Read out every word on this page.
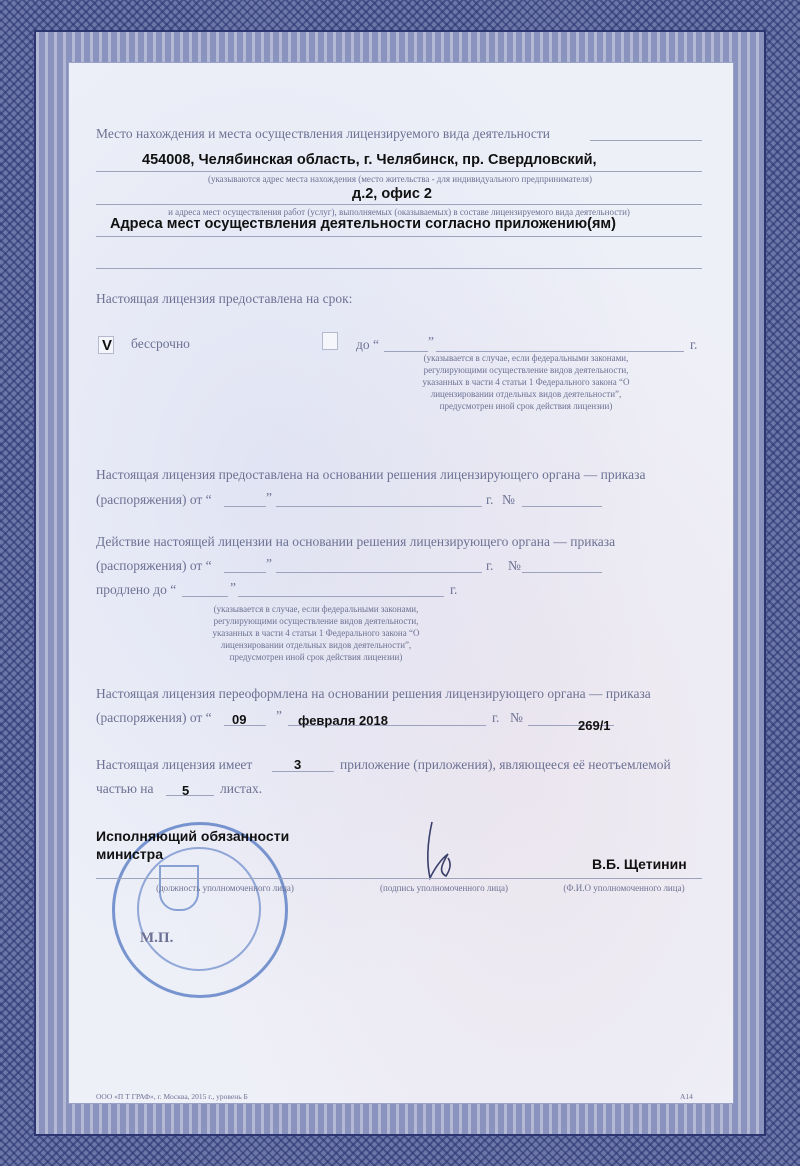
Место нахождения и места осуществления лицензируемого вида деятельности
454008, Челябинская область, г. Челябинск, пр. Свердловский,
(указываются адрес места нахождения (место жительства - для индивидуального предпринимателя)
д.2, офис 2
и адреса мест осуществления работ (услуг), выполняемых (оказываемых) в составе лицензируемого вида деятельности)
Адреса мест осуществления деятельности согласно приложению(ям)
Настоящая лицензия предоставлена на срок:
V бессрочно	до “	”	г.
(указывается в случае, если федеральными законами, регулирующими осуществление видов деятельности, указанных в части 4 статьи 1 Федерального закона “О лицензировании отдельных видов деятельности”, предусмотрен иной срок действия лицензии)
Настоящая лицензия предоставлена на основании решения лицензирующего органа — приказа
(распоряжения) от “	”	г. №
Действие настоящей лицензии на основании решения лицензирующего органа — приказа
(распоряжения) от “	”	г. №
продлено до “	”	г.
(указывается в случае, если федеральными законами, регулирующими осуществление видов деятельности, указанных в части 4 статьи 1 Федерального закона “О лицензировании отдельных видов деятельности”, предусмотрен иной срок действия лицензии)
Настоящая лицензия переоформлена на основании решения лицензирующего органа — приказа
(распоряжения) от “ 09 ” февраля 2018	г. №
269/1
Настоящая лицензия имеет	3	приложение (приложения), являющееся её неотъемлемой
частью на 5 листах.
Исполняющий обязанности
министра
В.Б. Щетинин
(должность уполномоченного лица)	(подпись уполномоченного лица)	(Ф.И.О уполномоченного лица)
М.П.
ООО «П Т ГРАФ», г. Москва, 2015 г., уровень Б	А14
